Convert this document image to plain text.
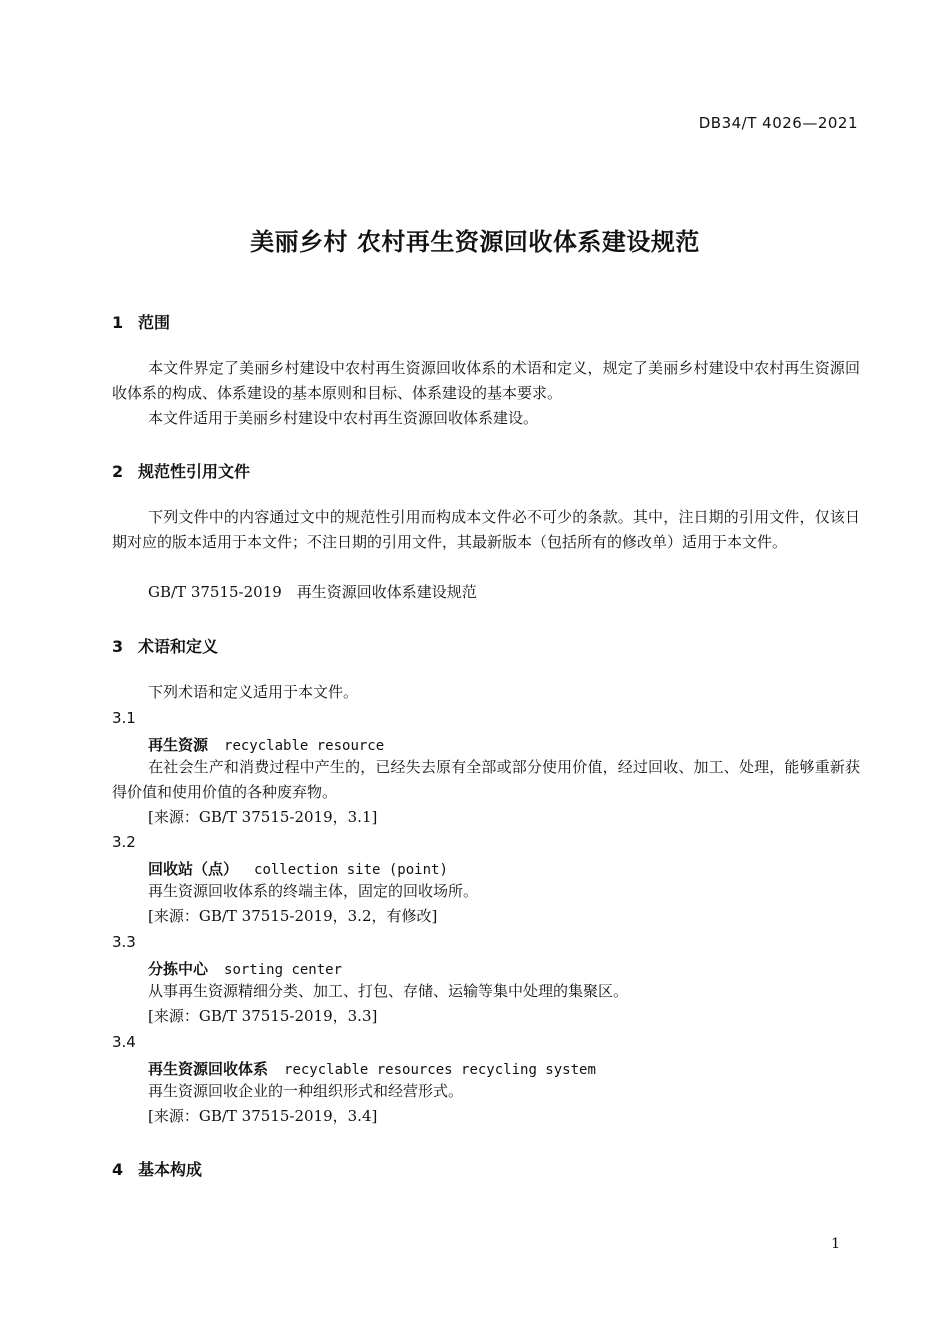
DB34/T 4026—2021
美丽乡村 农村再生资源回收体系建设规范
1 范围
本文件界定了美丽乡村建设中农村再生资源回收体系的术语和定义，规定了美丽乡村建设中农村再生资源回收体系的构成、体系建设的基本原则和目标、体系建设的基本要求。
本文件适用于美丽乡村建设中农村再生资源回收体系建设。
2 规范性引用文件
下列文件中的内容通过文中的规范性引用而构成本文件必不可少的条款。其中，注日期的引用文件，仅该日期对应的版本适用于本文件；不注日期的引用文件，其最新版本（包括所有的修改单）适用于本文件。
GB/T 37515-2019　再生资源回收体系建设规范
3 术语和定义
下列术语和定义适用于本文件。
3.1
再生资源 recyclable resource
在社会生产和消费过程中产生的，已经失去原有全部或部分使用价值，经过回收、加工、处理，能够重新获得价值和使用价值的各种废弃物。
[来源：GB/T 37515-2019，3.1]
3.2
回收站（点） collection site (point)
再生资源回收体系的终端主体，固定的回收场所。
[来源：GB/T 37515-2019，3.2，有修改]
3.3
分拣中心 sorting center
从事再生资源精细分类、加工、打包、存储、运输等集中处理的集聚区。
[来源：GB/T 37515-2019，3.3]
3.4
再生资源回收体系 recyclable resources recycling system
再生资源回收企业的一种组织形式和经营形式。
[来源：GB/T 37515-2019，3.4]
4 基本构成
1
